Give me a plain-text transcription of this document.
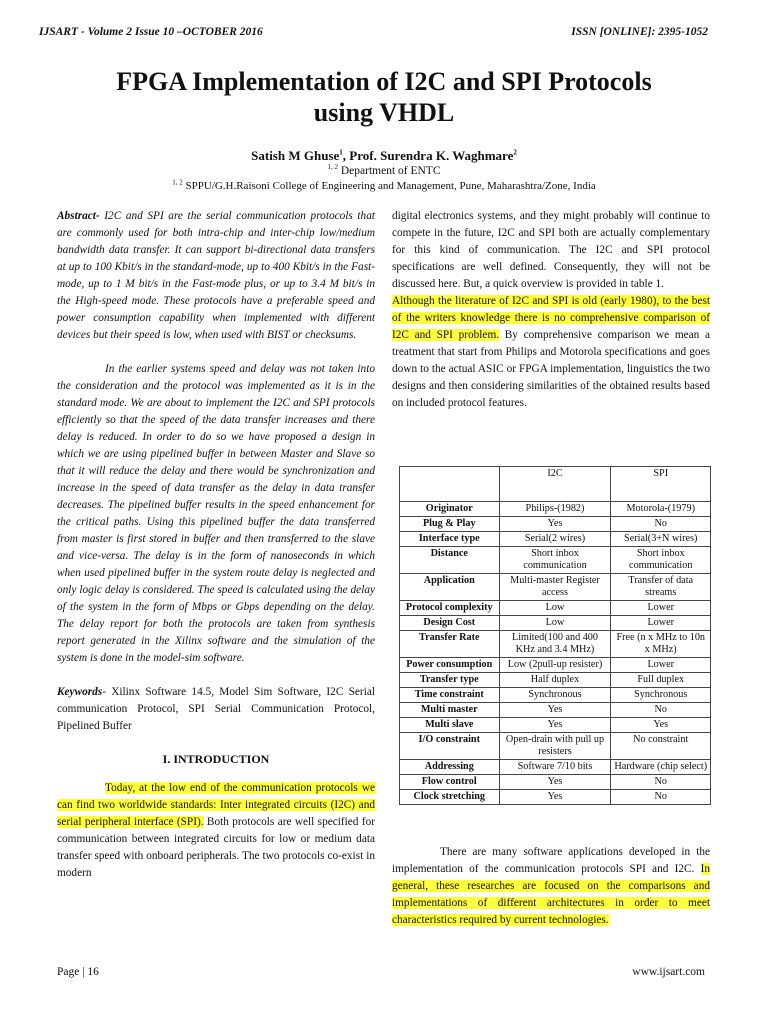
IJSART - Volume 2 Issue 10 –OCTOBER 2016	ISSN [ONLINE]: 2395-1052
FPGA Implementation of I2C and SPI Protocols
using VHDL
Satish M Ghuse$^1$, Prof. Surendra K. Waghmare$^2$
$^{1, 2}$ Department of ENTC
$^{1, 2}$ SPPU/G.H.Raisoni College of Engineering and Management, Pune, Maharashtra/Zone, India

Abstract- I2C and SPI are the serial communication protocols that are commonly used for both intra-chip and inter-chip low/medium bandwidth data transfer. It can support bi-directional data transfers at up to 100 Kbit/s in the standard-mode, up to 400 Kbit/s in the Fast-mode, up to 1 M bit/s in the Fast-mode plus, or up to 3.4 M bit/s in the High-speed mode. These protocols have a preferable speed and power consumption capability when implemented with different devices but their speed is low, when used with BIST or checksums.

In the earlier systems speed and delay was not taken into the consideration and the protocol was implemented as it is in the standard mode. We are about to implement the I2C and SPI protocols efficiently so that the speed of the data transfer increases and there delay is reduced. In order to do so we have proposed a design in which we are using pipelined buffer in between Master and Slave so that it will reduce the delay and there would be synchronization and increase in the speed of data transfer as the delay in data transfer decreases. The pipelined buffer results in the speed enhancement for the critical paths. Using this pipelined buffer the data transferred from master is first stored in buffer and then transferred to the slave and vice-versa. The delay is in the form of nanoseconds in which when used pipelined buffer in the system route delay is neglected and only logic delay is considered. The speed is calculated using the delay of the system in the form of Mbps or Gbps depending on the delay. The delay report for both the protocols are taken from synthesis report generated in the Xilinx software and the simulation of the system is done in the model-sim software.

Keywords- Xilinx Software 14.5, Model Sim Software, I2C Serial communication Protocol, SPI Serial Communication Protocol, Pipelined Buffer

I. INTRODUCTION

Today, at the low end of the communication protocols we can find two worldwide standards: Inter integrated circuits (I2C) and serial peripheral interface (SPI). Both protocols are well specified for communication between integrated circuits for low or medium data transfer speed with onboard peripherals. The two protocols co-exist in modern

digital electronics systems, and they might probably will continue to compete in the future, I2C and SPI both are actually complementary for this kind of communication. The I2C and SPI protocol specifications are well defined. Consequently, they will not be discussed here. But, a quick overview is provided in table 1.

Although the literature of I2C and SPI is old (early 1980), to the best of the writers knowledge there is no comprehensive comparison of I2C and SPI problem. By comprehensive comparison we mean a treatment that start from Philips and Motorola specifications and goes down to the actual ASIC or FPGA implementation, linguistics the two designs and then considering similarities of the obtained results based on included protocol features.

	I2C	SPI
Originator	Philips-(1982)	Motorola-(1979)
Plug & Play	Yes	No
Interface type	Serial(2 wires)	Serial(3+N wires)
Distance	Short inbox communication	Short inbox communication
Application	Multi-master Register access	Transfer of data streams
Protocol complexity	Low	Lower
Design Cost	Low	Lower
Transfer Rate	Limited(100 and 400 KHz and 3.4 MHz)	Free (n x MHz to 10n x MHz)
Power consumption	Low (2pull-up resister)	Lower
Transfer type	Half duplex	Full duplex
Time constraint	Synchronous	Synchronous
Multi master	Yes	No
Multi slave	Yes	Yes
I/O constraint	Open-drain with pull up resisters	No constraint
Addressing	Software 7/10 bits	Hardware (chip select)
Flow control	Yes	No
Clock stretching	Yes	No

There are many software applications developed in the implementation of the communication protocols SPI and I2C. In general, these researches are focused on the comparisons and implementations of different architectures in order to meet characteristics required by current technologies.

Page | 16	www.ijsart.com
